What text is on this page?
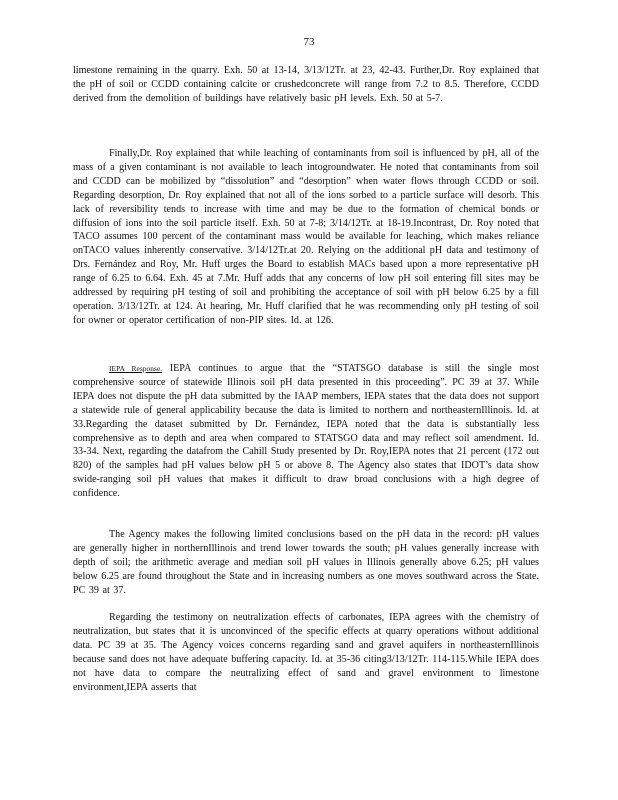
73

limestone remaining in the quarry. Exh. 50 at 13-14, 3/13/12Tr. at 23, 42-43. Further,Dr. Roy explained that the pH of soil or CCDD containing calcite or crushedconcrete will range from 7.2 to 8.5. Therefore, CCDD derived from the demolition of buildings have relatively basic pH levels. Exh. 50 at 5-7.

Finally,Dr. Roy explained that while leaching of contaminants from soil is influenced by pH, all of the mass of a given contaminant is not available to leach intogroundwater. He noted that contaminants from soil and CCDD can be mobilized by “dissolution” and “desorption” when water flows through CCDD or soil. Regarding desorption, Dr. Roy explained that not all of the ions sorbed to a particle surface will desorb. This lack of reversibility tends to increase with time and may be due to the formation of chemical bonds or diffusion of ions into the soil particle itself. Exh. 50 at 7-8; 3/14/12Tr. at 18-19.Incontrast, Dr. Roy noted that TACO assumes 100 percent of the contaminant mass would be available for leaching, which makes reliance onTACO values inherently conservative. 3/14/12Tr.at 20. Relying on the additional pH data and testimony of Drs. Fernández and Roy, Mr. Huff urges the Board to establish MACs based upon a more representative pH range of 6.25 to 6.64. Exh. 45 at 7.Mr. Huff adds that any concerns of low pH soil entering fill sites may be addressed by requiring pH testing of soil and prohibiting the acceptance of soil with pH below 6.25 by a fill operation. 3/13/12Tr. at 124. At hearing, Mr. Huff clarified that he was recommending only pH testing of soil for owner or operator certification of non-PIP sites. Id. at 126.

IEPA Response. IEPA continues to argue that the “STATSGO database is still the single most comprehensive source of statewide Illinois soil pH data presented in this proceeding”. PC 39 at 37. While IEPA does not dispute the pH data submitted by the IAAP members, IEPA states that the data does not support a statewide rule of general applicability because the data is limited to northern and northeasternIllinois. Id. at 33.Regarding the dataset submitted by Dr. Fernández, IEPA noted that the data is substantially less comprehensive as to depth and area when compared to STATSGO data and may reflect soil amendment. Id. 33-34. Next, regarding the datafrom the Cahill Study presented by Dr. Roy,IEPA notes that 21 percent (172 out 820) of the samples had pH values below pH 5 or above 8. The Agency also states that IDOT’s data show swide-ranging soil pH values that makes it difficult to draw broad conclusions with a high degree of confidence.

The Agency makes the following limited conclusions based on the pH data in the record: pH values are generally higher in northernIllinois and trend lower towards the south; pH values generally increase with depth of soil; the arithmetic average and median soil pH values in Illinois generally above 6.25; pH values below 6.25 are found throughout the State and in increasing numbers as one moves southward across the State. PC 39 at 37.

Regarding the testimony on neutralization effects of carbonates, IEPA agrees with the chemistry of neutralization, but states that it is unconvinced of the specific effects at quarry operations without additional data. PC 39 at 35. The Agency voices concerns regarding sand and gravel aquifers in northeasternIllinois because sand does not have adequate buffering capacity. Id. at 35-36 citing3/13/12Tr. 114-115.While IEPA does not have data to compare the neutralizing effect of sand and gravel environment to limestone environment,IEPA asserts that
